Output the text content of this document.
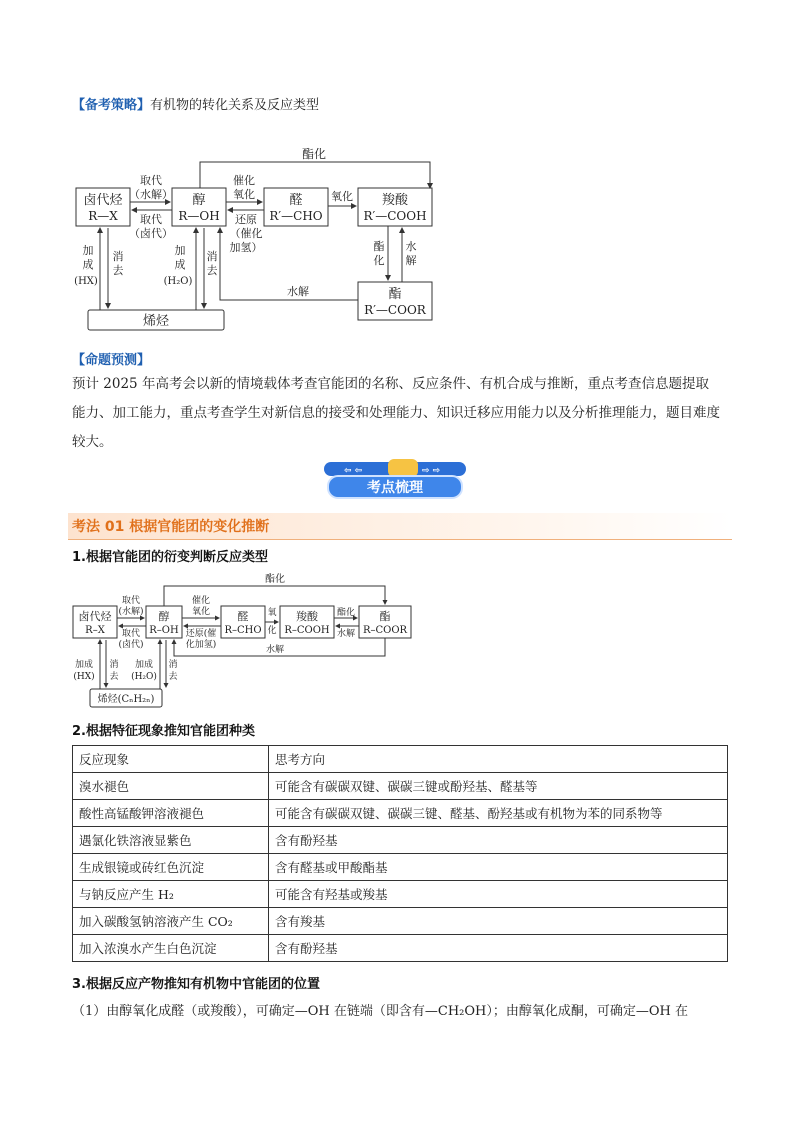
【备考策略】有机物的转化关系及反应类型
卤代烃
R—X
醇
R—OH
醛
R′—CHO
羧酸
R′—COOH
酯
R′—COOR
烯烃
酯化
取代
（水解）
取代
（卤代）
催化
氧化
还原
（催化
加氢）
氧化
酯
化
水
解
水解
加
成
(HX)
消
去
加
成
(H₂O)
消
去
【命题预测】
预计 2025 年高考会以新的情境载体考查官能团的名称、反应条件、有机合成与推断，重点考查信息题提取能力、加工能力，重点考查学生对新信息的接受和处理能力、知识迁移应用能力以及分析推理能力，题目难度较大。
⇦ ⇦	⇨ ⇨
考点梳理
考法 01 根据官能团的变化推断
1.根据官能团的衍变判断反应类型
卤代烃
R–X
醇
R–OH
醛
R–CHO
羧酸
R–COOH
酯
R–COOR
烯烃(CₙH₂ₙ)
酯化
取代
(水解)
取代
(卤代)
催化
氧化
还原(催
化加氢)
氧
化
酯化
水解
水解
加成
(HX)
消
去
加成
(H₂O)
消
去
2.根据特征现象推知官能团种类
反应现象	思考方向
溴水褪色	可能含有碳碳双键、碳碳三键或酚羟基、醛基等
酸性高锰酸钾溶液褪色	可能含有碳碳双键、碳碳三键、醛基、酚羟基或有机物为苯的同系物等
遇氯化铁溶液显紫色	含有酚羟基
生成银镜或砖红色沉淀	含有醛基或甲酸酯基
与钠反应产生 H₂	可能含有羟基或羧基
加入碳酸氢钠溶液产生 CO₂	含有羧基
加入浓溴水产生白色沉淀	含有酚羟基
3.根据反应产物推知有机物中官能团的位置
（1）由醇氧化成醛（或羧酸），可确定—OH 在链端（即含有—CH₂OH）；由醇氧化成酮，可确定—OH 在
